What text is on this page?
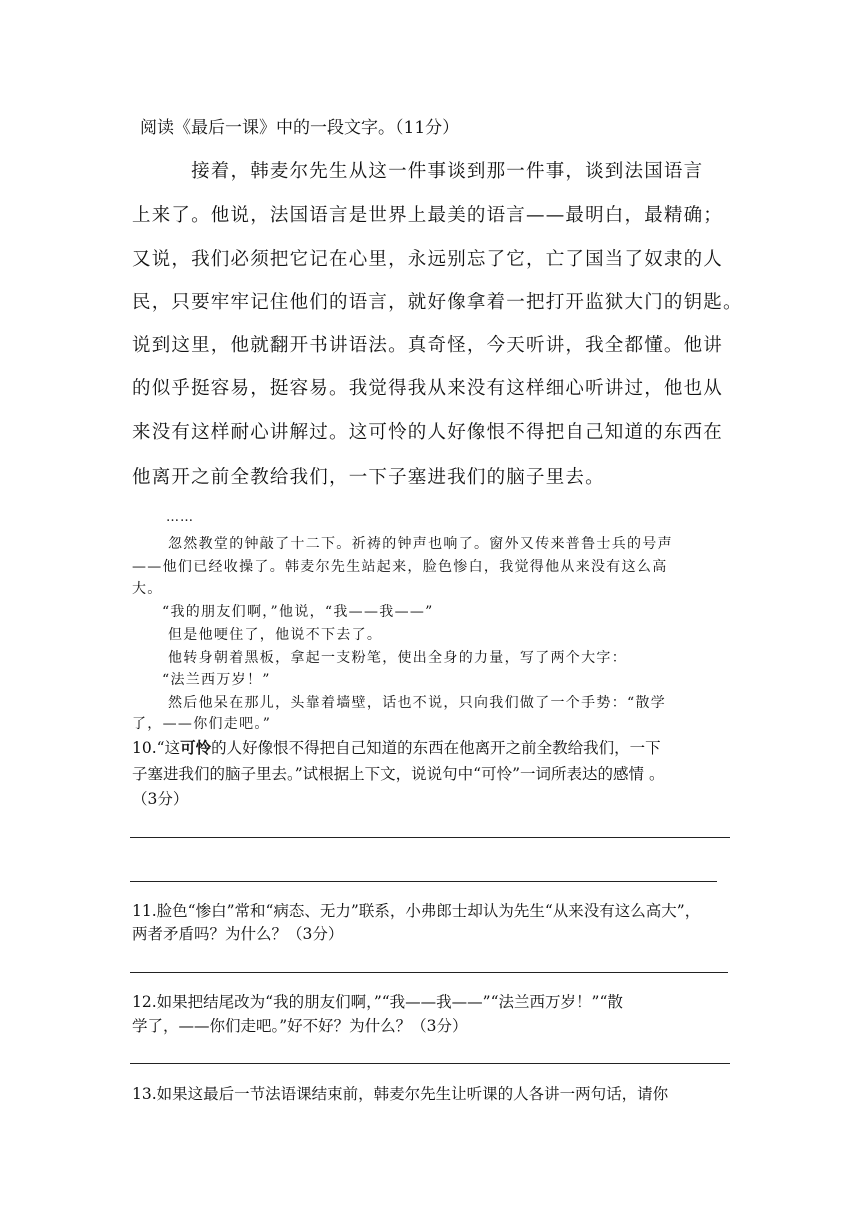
阅读《最后一课》中的一段文字。（11分）
　　　接着，韩麦尔先生从这一件事谈到那一件事，谈到法国语言
上来了。他说，法国语言是世界上最美的语言——最明白，最精确；
又说，我们必须把它记在心里，永远别忘了它，亡了国当了奴隶的人
民，只要牢牢记住他们的语言，就好像拿着一把打开监狱大门的钥匙。
说到这里，他就翻开书讲语法。真奇怪，今天听讲，我全都懂。他讲
的似乎挺容易，挺容易。我觉得我从来没有这样细心听讲过，他也从
来没有这样耐心讲解过。这可怜的人好像恨不得把自己知道的东西在
他离开之前全教给我们，一下子塞进我们的脑子里去。
……
忽然教堂的钟敲了十二下。祈祷的钟声也响了。窗外又传来普鲁士兵的号声
——他们已经收操了。韩麦尔先生站起来，脸色惨白，我觉得他从来没有这么高
大。
“我的朋友们啊，”他说，“我——我——”
但是他哽住了，他说不下去了。
他转身朝着黑板，拿起一支粉笔，使出全身的力量，写了两个大字：
“法兰西万岁！”
然后他呆在那儿，头靠着墙壁，话也不说，只向我们做了一个手势：“散学
了，——你们走吧。”
10.“这可怜的人好像恨不得把自己知道的东西在他离开之前全教给我们，一下
子塞进我们的脑子里去。”试根据上下文，说说句中“可怜”一词所表达的感情 。
（3分）
11.脸色“惨白”常和“病态、无力”联系，小弗郎士却认为先生“从来没有这么高大”，
两者矛盾吗？为什么？（3分）
12.如果把结尾改为“我的朋友们啊，”“我——我——”“法兰西万岁！”“散
学了，——你们走吧。”好不好？为什么？（3分）
13.如果这最后一节法语课结束前，韩麦尔先生让听课的人各讲一两句话，请你
